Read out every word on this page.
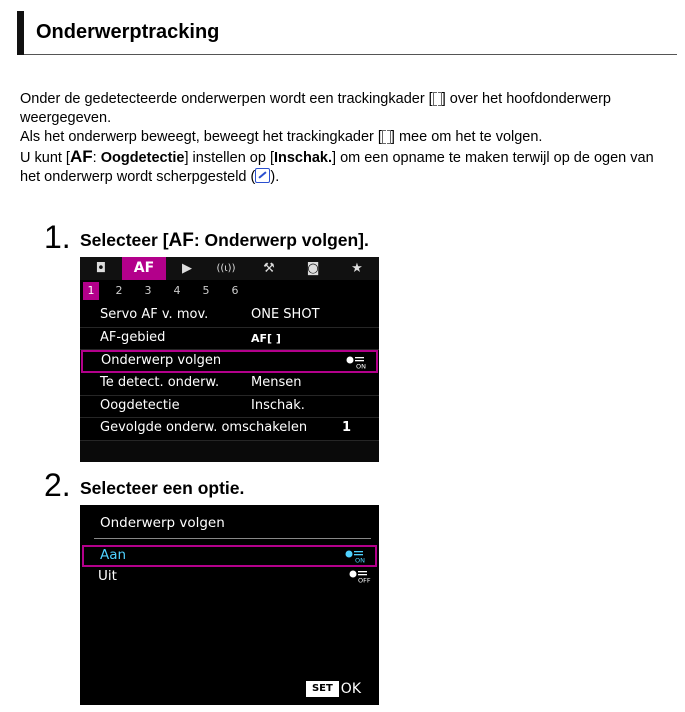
Onderwerptracking

Onder de gedetecteerde onderwerpen wordt een trackingkader [ ] over het hoofdonderwerp weergegeven.

Als het onderwerp beweegt, beweegt het trackingkader [ ] mee om het te volgen.

U kunt [AF: Oogdetectie] instellen op [Inschak.] om een opname te maken terwijl op de ogen van het onderwerp wordt scherpgesteld ( ).

1. Selecteer [AF: Onderwerp volgen].
◘	AF	▶	((ι))	⚒	◙	★
1	2	3	4	5	6
Servo AF v. mov.	ONE SHOT
AF-gebied	AF[ ]
Onderwerp volgen	ON
Te detect. onderw. Mensen
Oogdetectie	Inschak.
Gevolgde onderw. omschakelen	1
2. Selecteer een optie.
Onderwerp volgen
Aan	ON
Uit	OFF
SET OK
